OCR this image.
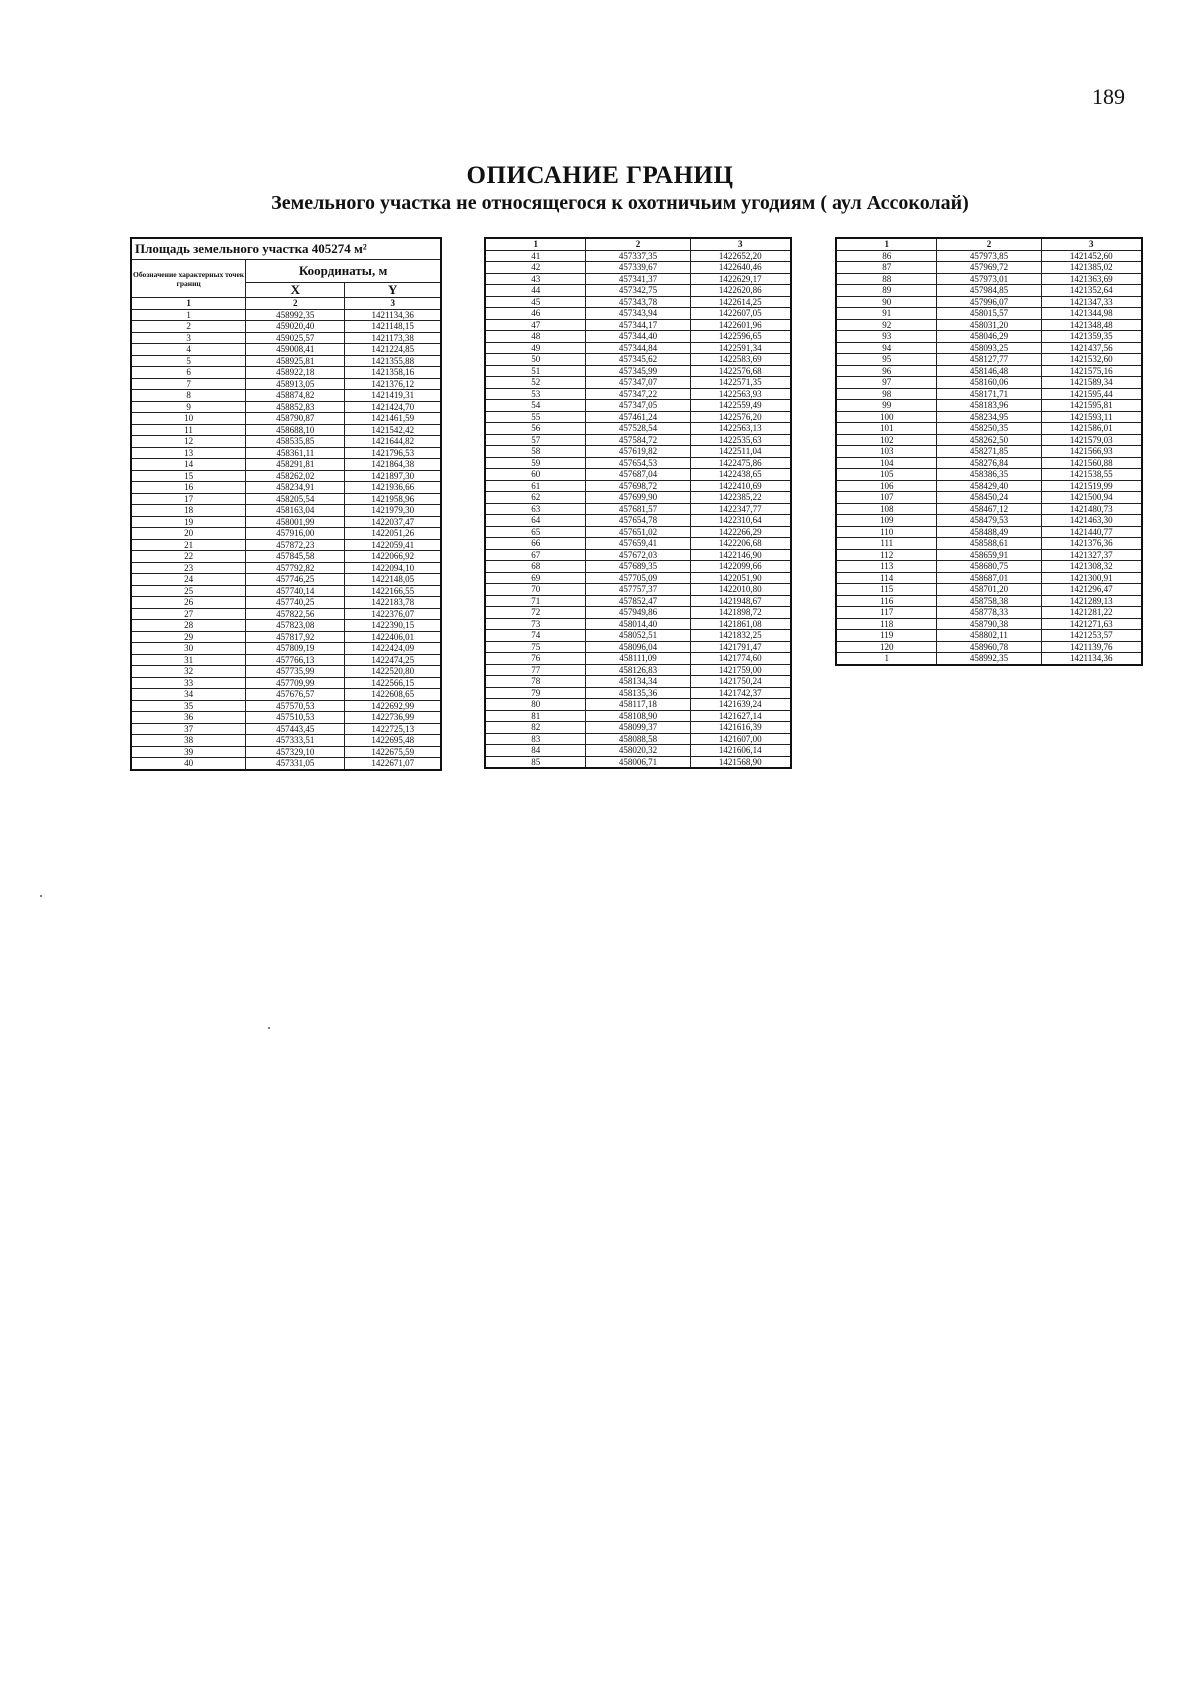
189
ОПИСАНИЕ ГРАНИЦ
Земельного участка не относящегося к охотничьим угодиям ( аул Ассоколай)
Площадь земельного участка 405274 м²		
Обозначение характерных точек границ	Координаты, м	
	X	Y
1	2	3
1	458992,35	1421134,36
2	459020,40	1421148,15
3	459025,57	1421173,38
4	459008,41	1421224,85
5	458925,81	1421355,88
6	458922,18	1421358,16
7	458913,05	1421376,12
8	458874,82	1421419,31
9	458852,83	1421424,70
10	458790,87	1421461,59
11	458688,10	1421542,42
12	458535,85	1421644,82
13	458361,11	1421796,53
14	458291,81	1421864,38
15	458262,02	1421897,30
16	458234,91	1421936,66
17	458205,54	1421958,96
18	458163,04	1421979,30
19	458001,99	1422037,47
20	457916,00	1422051,26
21	457872,23	1422059,41
22	457845,58	1422066,92
23	457792,82	1422094,10
24	457746,25	1422148,05
25	457740,14	1422166,55
26	457740,25	1422183,78
27	457822,56	1422376,07
28	457823,08	1422390,15
29	457817,92	1422406,01
30	457809,19	1422424,09
31	457766,13	1422474,25
32	457735,99	1422520,80
33	457709,99	1422566,15
34	457676,57	1422608,65
35	457570,53	1422692,99
36	457510,53	1422736,99
37	457443,45	1422725,13
38	457333,51	1422695,48
39	457329,10	1422675,59
40	457331,05	1422671,07
1	2	3
41	457337,35	1422652,20
42	457339,67	1422640,46
43	457341,37	1422629,17
44	457342,75	1422620,86
45	457343,78	1422614,25
46	457343,94	1422607,05
47	457344,17	1422601,96
48	457344,40	1422596,65
49	457344,84	1422591,34
50	457345,62	1422583,69
51	457345,99	1422576,68
52	457347,07	1422571,35
53	457347,22	1422563,93
54	457347,05	1422559,49
55	457461,24	1422576,20
56	457528,54	1422563,13
57	457584,72	1422535,63
58	457619,82	1422511,04
59	457654,53	1422475,86
60	457687,04	1422438,65
61	457698,72	1422410,69
62	457699,90	1422385,22
63	457681,57	1422347,77
64	457654,78	1422310,64
65	457651,02	1422266,29
66	457659,41	1422206,68
67	457672,03	1422146,90
68	457689,35	1422099,66
69	457705,09	1422051,90
70	457757,37	1422010,80
71	457852,47	1421948,67
72	457949,86	1421898,72
73	458014,40	1421861,08
74	458052,51	1421832,25
75	458096,04	1421791,47
76	458111,09	1421774,60
77	458126,83	1421759,00
78	458134,34	1421750,24
79	458135,36	1421742,37
80	458117,18	1421639,24
81	458108,90	1421627,14
82	458099,37	1421616,39
83	458088,58	1421607,00
84	458020,32	1421606,14
85	458006,71	1421568,90
1	2	3
86	457973,85	1421452,60
87	457969,72	1421385,02
88	457973,01	1421363,69
89	457984,85	1421352,64
90	457996,07	1421347,33
91	458015,57	1421344,98
92	458031,20	1421348,48
93	458046,29	1421359,35
94	458093,25	1421437,56
95	458127,77	1421532,60
96	458146,48	1421575,16
97	458160,06	1421589,34
98	458171,71	1421595,44
99	458183,96	1421595,81
100	458234,95	1421593,11
101	458250,35	1421586,01
102	458262,50	1421579,03
103	458271,85	1421566,93
104	458276,84	1421560,88
105	458386,35	1421538,55
106	458429,40	1421519,99
107	458450,24	1421500,94
108	458467,12	1421480,73
109	458479,53	1421463,30
110	458488,49	1421440,77
111	458588,61	1421376,36
112	458659,91	1421327,37
113	458680,75	1421308,32
114	458687,01	1421300,91
115	458701,20	1421296,47
116	458758,38	1421289,13
117	458778,33	1421281,22
118	458790,38	1421271,63
119	458802,11	1421253,57
120	458960,78	1421139,76
1	458992,35	1421134,36
